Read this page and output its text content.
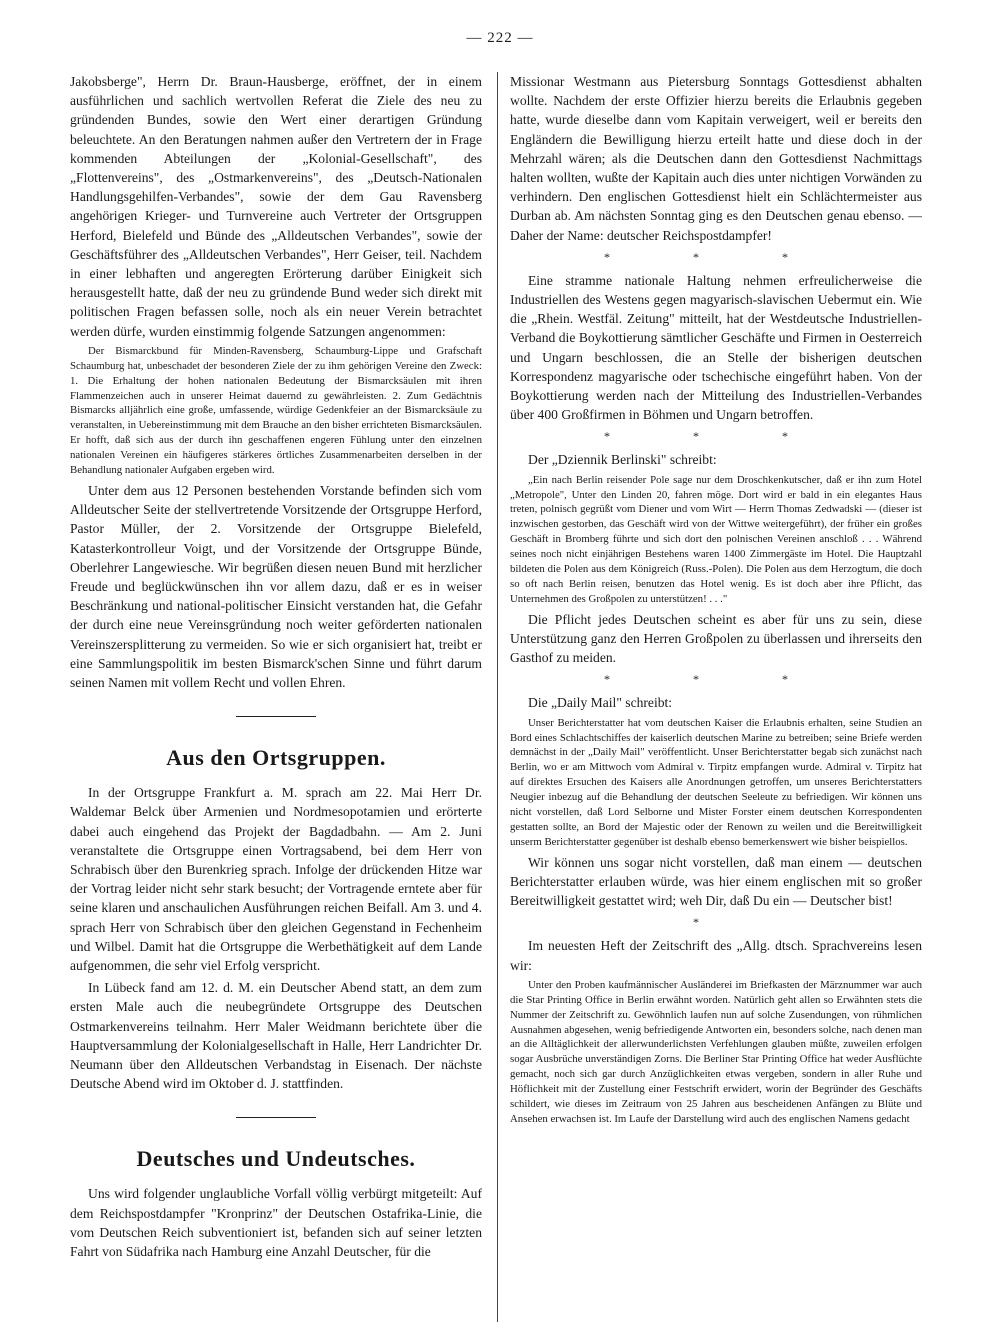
— 222 —

Jakobsberge", Herrn Dr. Braun-Hausberge, eröffnet, der in einem ausführlichen und sachlich wertvollen Referat die Ziele des neu zu gründenden Bundes, sowie den Wert einer derartigen Gründung beleuchtete. An den Beratungen nahmen außer den Vertretern der in Frage kommenden Abteilungen der „Kolonial-Gesellschaft", des „Flottenvereins", des „Ostmarkenvereins", des „Deutsch-Nationalen Handlungsgehilfen-Verbandes", sowie der dem Gau Ravensberg angehörigen Krieger- und Turnvereine auch Vertreter der Ortsgruppen Herford, Bielefeld und Bünde des „Alldeutschen Verbandes", sowie der Geschäftsführer des „Alldeutschen Verbandes", Herr Geiser, teil. Nachdem in einer lebhaften und angeregten Erörterung darüber Einigkeit sich herausgestellt hatte, daß der neu zu gründende Bund weder sich direkt mit politischen Fragen befassen solle, noch als ein neuer Verein betrachtet werden dürfe, wurden einstimmig folgende Satzungen angenommen:

Der Bismarckbund für Minden-Ravensberg, Schaumburg-Lippe und Grafschaft Schaumburg hat, unbeschadet der besonderen Ziele der zu ihm gehörigen Vereine den Zweck: 1. Die Erhaltung der hohen nationalen Bedeutung der Bismarcksäulen mit ihren Flammenzeichen auch in unserer Heimat dauernd zu gewährleisten. 2. Zum Gedächtnis Bismarcks alljährlich eine große, umfassende, würdige Gedenkfeier an der Bismarcksäule zu veranstalten, in Uebereinstimmung mit dem Brauche an den bisher errichteten Bismarcksäulen. Er hofft, daß sich aus der durch ihn geschaffenen engeren Fühlung unter den einzelnen nationalen Vereinen ein häufigeres stärkeres örtliches Zusammenarbeiten derselben in der Behandlung nationaler Aufgaben ergeben wird.

Unter dem aus 12 Personen bestehenden Vorstande befinden sich vom Alldeutscher Seite der stellvertretende Vorsitzende der Ortsgruppe Herford, Pastor Müller, der 2. Vorsitzende der Ortsgruppe Bielefeld, Katasterkontrolleur Voigt, und der Vorsitzende der Ortsgruppe Bünde, Oberlehrer Langewiesche. Wir begrüßen diesen neuen Bund mit herzlicher Freude und beglückwünschen ihn vor allem dazu, daß er es in weiser Beschränkung und national-politischer Einsicht verstanden hat, die Gefahr der durch eine neue Vereinsgründung noch weiter geförderten nationalen Vereinszersplitterung zu vermeiden. So wie er sich organisiert hat, treibt er eine Sammlungspolitik im besten Bismarck'schen Sinne und führt darum seinen Namen mit vollem Recht und vollen Ehren.

Aus den Ortsgruppen.

In der Ortsgruppe Frankfurt a. M. sprach am 22. Mai Herr Dr. Waldemar Belck über Armenien und Nordmesopotamien und erörterte dabei auch eingehend das Projekt der Bagdadbahn. — Am 2. Juni veranstaltete die Ortsgruppe einen Vortragsabend, bei dem Herr von Schrabisch über den Burenkrieg sprach. Infolge der drückenden Hitze war der Vortrag leider nicht sehr stark besucht; der Vortragende erntete aber für seine klaren und anschaulichen Ausführungen reichen Beifall. Am 3. und 4. sprach Herr von Schrabisch über den gleichen Gegenstand in Fechenheim und Wilbel. Damit hat die Ortsgruppe die Werbethätigkeit auf dem Lande aufgenommen, die sehr viel Erfolg verspricht.

In Lübeck fand am 12. d. M. ein Deutscher Abend statt, an dem zum ersten Male auch die neubegründete Ortsgruppe des Deutschen Ostmarkenvereins teilnahm. Herr Maler Weidmann berichtete über die Hauptversammlung der Kolonialgesellschaft in Halle, Herr Landrichter Dr. Neumann über den Alldeutschen Verbandstag in Eisenach. Der nächste Deutsche Abend wird im Oktober d. J. stattfinden.

Deutsches und Undeutsches.

Uns wird folgender unglaubliche Vorfall völlig verbürgt mitgeteilt: Auf dem Reichspostdampfer "Kronprinz" der Deutschen Ostafrika-Linie, die vom Deutschen Reich subventioniert ist, befanden sich auf seiner letzten Fahrt von Südafrika nach Hamburg eine Anzahl Deutscher, für die

Missionar Westmann aus Pietersburg Sonntags Gottesdienst abhalten wollte. Nachdem der erste Offizier hierzu bereits die Erlaubnis gegeben hatte, wurde dieselbe dann vom Kapitain verweigert, weil er bereits den Engländern die Bewilligung hierzu erteilt hatte und diese doch in der Mehrzahl wären; als die Deutschen dann den Gottesdienst Nachmittags halten wollten, wußte der Kapitain auch dies unter nichtigen Vorwänden zu verhindern. Den englischen Gottesdienst hielt ein Schlächtermeister aus Durban ab. Am nächsten Sonntag ging es den Deutschen genau ebenso. — Daher der Name: deutscher Reichspostdampfer!

* * *

Eine stramme nationale Haltung nehmen erfreulicherweise die Industriellen des Westens gegen magyarisch-slavischen Uebermut ein. Wie die „Rhein. Westfäl. Zeitung" mitteilt, hat der Westdeutsche Industriellen-Verband die Boykottierung sämtlicher Geschäfte und Firmen in Oesterreich und Ungarn beschlossen, die an Stelle der bisherigen deutschen Korrespondenz magyarische oder tschechische eingeführt haben. Von der Boykottierung werden nach der Mitteilung des Industriellen-Verbandes über 400 Großfirmen in Böhmen und Ungarn betroffen.

* * *

Der „Dziennik Berlinski" schreibt:

„Ein nach Berlin reisender Pole sage nur dem Droschkenkutscher, daß er ihn zum Hotel „Metropole", Unter den Linden 20, fahren möge. Dort wird er bald in ein elegantes Haus treten, polnisch gegrüßt vom Diener und vom Wirt — Herrn Thomas Zedwadski — (dieser ist inzwischen gestorben, das Geschäft wird von der Wittwe weitergeführt), der früher ein großes Geschäft in Bromberg führte und sich dort den polnischen Vereinen anschloß . . . Während seines noch nicht einjährigen Bestehens waren 1400 Zimmergäste im Hotel. Die Hauptzahl bildeten die Polen aus dem Königreich (Russ.-Polen). Die Polen aus dem Herzogtum, die doch so oft nach Berlin reisen, benutzen das Hotel wenig. Es ist doch aber ihre Pflicht, das Unternehmen des Großpolen zu unterstützen! . . ."

Die Pflicht jedes Deutschen scheint es aber für uns zu sein, diese Unterstützung ganz den Herren Großpolen zu überlassen und ihrerseits den Gasthof zu meiden.

* * *

Die „Daily Mail" schreibt:

Unser Berichterstatter hat vom deutschen Kaiser die Erlaubnis erhalten, seine Studien an Bord eines Schlachtschiffes der kaiserlich deutschen Marine zu betreiben; seine Briefe werden demnächst in der „Daily Mail" veröffentlicht. Unser Berichterstatter begab sich zunächst nach Berlin, wo er am Mittwoch vom Admiral v. Tirpitz empfangen wurde. Admiral v. Tirpitz hat auf direktes Ersuchen des Kaisers alle Anordnungen getroffen, um unseres Berichterstatters Neugier inbezug auf die Behandlung der deutschen Seeleute zu befriedigen. Wir können uns nicht vorstellen, daß Lord Selborne und Mister Forster einem deutschen Korrespondenten gestatten sollte, an Bord der Majestic oder der Renown zu weilen und die Bereitwilligkeit unserm Berichterstatter gegenüber ist deshalb ebenso bemerkenswert wie bisher beispiellos.

Wir können uns sogar nicht vorstellen, daß man einem — deutschen Berichterstatter erlauben würde, was hier einem englischen mit so großer Bereitwilligkeit gestattet wird; weh Dir, daß Du ein — Deutscher bist!

*

Im neuesten Heft der Zeitschrift des „Allg. dtsch. Sprachvereins lesen wir:

Unter den Proben kaufmännischer Ausländerei im Briefkasten der Märznummer war auch die Star Printing Office in Berlin erwähnt worden. Natürlich geht allen so Erwähnten stets die Nummer der Zeitschrift zu. Gewöhnlich laufen nun auf solche Zusendungen, von rühmlichen Ausnahmen abgesehen, wenig befriedigende Antworten ein, besonders solche, nach denen man an die Alltäglichkeit der allerwunderlichsten Verfehlungen glauben müßte, zuweilen erfolgen sogar Ausbrüche unverständigen Zorns. Die Berliner Star Printing Office hat weder Ausflüchte gemacht, noch sich gar durch Anzüglichkeiten etwas vergeben, sondern in aller Ruhe und Höflichkeit mit der Zustellung einer Festschrift erwidert, worin der Begründer des Geschäfts schildert, wie dieses im Zeitraum von 25 Jahren aus bescheidenen Anfängen zu Blüte und Ansehen erwachsen ist. Im Laufe der Darstellung wird auch des englischen Namens gedacht
